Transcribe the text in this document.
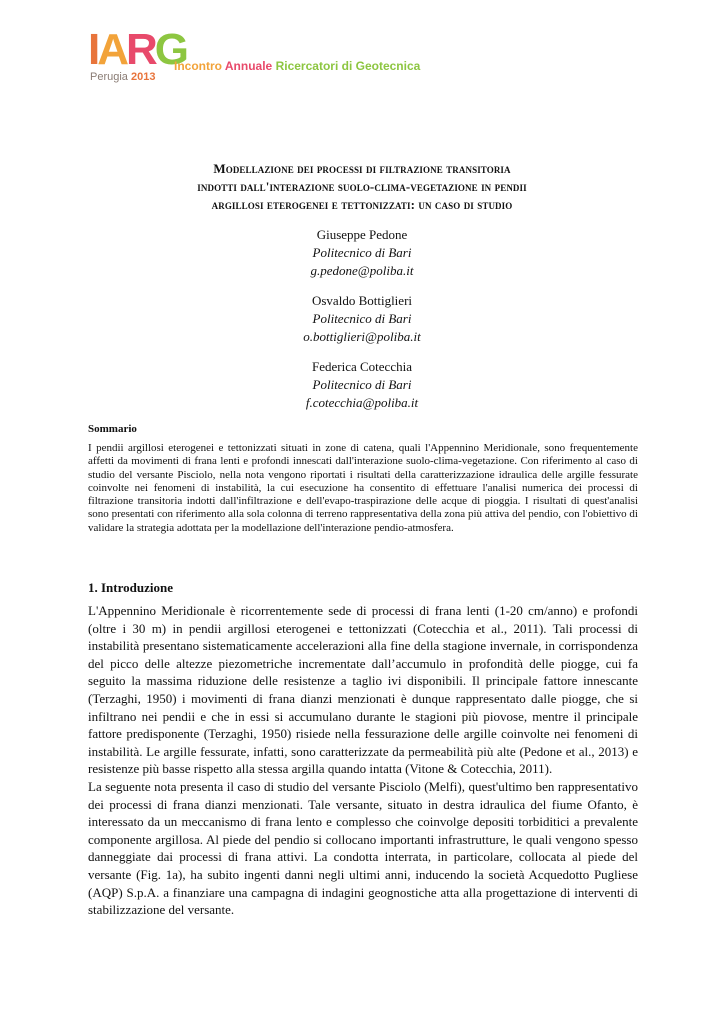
IARG
Perugia 2013
Incontro Annuale Ricercatori di Geotecnica
Modellazione dei processi di filtrazione transitoria
indotti dall'interazione suolo-clima-vegetazione in pendii
argillosi eterogenei e tettonizzati: un caso di studio
Giuseppe Pedone
Politecnico di Bari
g.pedone@poliba.it
Osvaldo Bottiglieri
Politecnico di Bari
o.bottiglieri@poliba.it
Federica Cotecchia
Politecnico di Bari
f.cotecchia@poliba.it
Sommario
I pendii argillosi eterogenei e tettonizzati situati in zone di catena, quali l'Appennino Meridionale, sono frequentemente affetti da movimenti di frana lenti e profondi innescati dall'interazione suolo-clima-vegetazione. Con riferimento al caso di studio del versante Pisciolo, nella nota vengono riportati i risultati della caratterizzazione idraulica delle argille fessurate coinvolte nei fenomeni di instabilità, la cui esecuzione ha consentito di effettuare l'analisi numerica dei processi di filtrazione transitoria indotti dall'infiltrazione e dell'evapo-traspirazione delle acque di pioggia. I risultati di quest'analisi sono presentati con riferimento alla sola colonna di terreno rappresentativa della zona più attiva del pendio, con l'obiettivo di validare la strategia adottata per la modellazione dell'interazione pendio-atmosfera.
1. Introduzione

L'Appennino Meridionale è ricorrentemente sede di processi di frana lenti (1-20 cm/anno) e profondi (oltre i 30 m) in pendii argillosi eterogenei e tettonizzati (Cotecchia et al., 2011). Tali processi di instabilità presentano sistematicamente accelerazioni alla fine della stagione invernale, in corrispondenza del picco delle altezze piezometriche incrementate dall’accumulo in profondità delle piogge, cui fa seguito la massima riduzione delle resistenze a taglio ivi disponibili. Il principale fattore innescante (Terzaghi, 1950) i movimenti di frana dianzi menzionati è dunque rappresentato dalle piogge, che si infiltrano nei pendii e che in essi si accumulano durante le stagioni più piovose, mentre il principale fattore predisponente (Terzaghi, 1950) risiede nella fessurazione delle argille coinvolte nei fenomeni di instabilità. Le argille fessurate, infatti, sono caratterizzate da permeabilità più alte (Pedone et al., 2013) e resistenze più basse rispetto alla stessa argilla quando intatta (Vitone & Cotecchia, 2011).

La seguente nota presenta il caso di studio del versante Pisciolo (Melfi), quest'ultimo ben rappresentativo dei processi di frana dianzi menzionati. Tale versante, situato in destra idraulica del fiume Ofanto, è interessato da un meccanismo di frana lento e complesso che coinvolge depositi torbiditici a prevalente componente argillosa. Al piede del pendio si collocano importanti infrastrutture, le quali vengono spesso danneggiate dai processi di frana attivi. La condotta interrata, in particolare, collocata al piede del versante (Fig. 1a), ha subito ingenti danni negli ultimi anni, inducendo la società Acquedotto Pugliese (AQP) S.p.A. a finanziare una campagna di indagini geognostiche atta alla progettazione di interventi di stabilizzazione del versante.
